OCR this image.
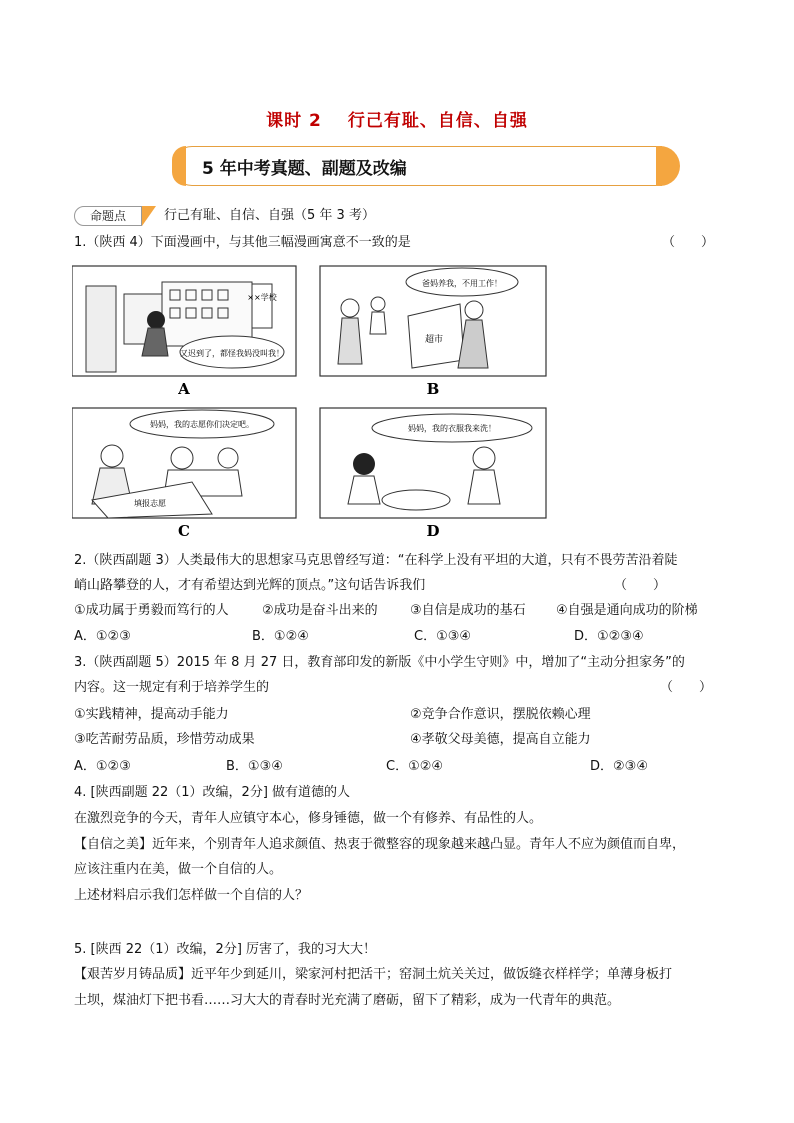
课时 2 行己有耻、自信、自强
5 年中考真题、副题及改编
命题点	行己有耻、自信、自强（5 年 3 考）
1.（陕西 4）下面漫画中，与其他三幅漫画寓意不一致的是	（　　）
××学校
又迟到了，都怪我妈没叫我！
A
爸妈养我，不用工作！
超市
B
妈妈，我的志愿你们决定吧。
填报志愿
C
妈妈，我的衣服我来洗！
D
2.（陕西副题 3）人类最伟大的思想家马克思曾经写道：“在科学上没有平坦的大道，只有不畏劳苦沿着陡
峭山路攀登的人，才有希望达到光辉的顶点。”这句话告诉我们	（　　）
①成功属于勇毅而笃行的人	②成功是奋斗出来的 ③自信是成功的基石 ④自强是通向成功的阶梯
A．①②③	B．①②④	C．①③④	D．①②③④
3.（陕西副题 5）2015 年 8 月 27 日，教育部印发的新版《中小学生守则》中，增加了“主动分担家务”的
内容。这一规定有利于培养学生的	（　　）
①实践精神，提高动手能力	②竞争合作意识，摆脱依赖心理
③吃苦耐劳品质，珍惜劳动成果	④孝敬父母美德，提高自立能力
A．①②③	B．①③④	C．①②④	D．②③④
4. [陕西副题 22（1）改编，2分] 做有道德的人
在激烈竞争的今天，青年人应镇守本心，修身锤德，做一个有修养、有品性的人。
【自信之美】近年来，个别青年人追求颜值、热衷于微整容的现象越来越凸显。青年人不应为颜值而自卑，
应该注重内在美，做一个自信的人。
上述材料启示我们怎样做一个自信的人？
5. [陕西 22（1）改编，2分] 厉害了，我的习大大！
【艰苦岁月铸品质】近平年少到延川，梁家河村把活干；窑洞土炕关关过，做饭缝衣样样学；单薄身板打
土坝，煤油灯下把书看……习大大的青春时光充满了磨砺，留下了精彩，成为一代青年的典范。
